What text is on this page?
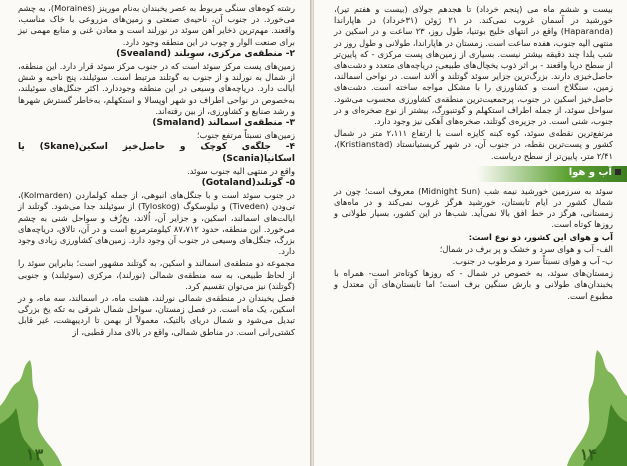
رشته کوه‌های سنگی مربوط به عصر یخبندان به‌نام مورینز (Moraines)، به چشم می‌خورد. در جنوب آن، ناحیه‌ی صنعتی و زمین‌های مزروعی با خاک مناسب، واقعند. مهم‌ترین ذخایر آهن سوئد در نورلند است و معادن غنی و منابع مهمی نیز برای صنعت الوار و چوب در این منطقه وجود دارد.

۲- منطقه‌ی مرکزی، سوِیلند (Svealand)

زمین‌های پست مرکز سوئد است که در جنوب مرکز سوئد قرار دارد. این منطقه، از شمال به نورلند و از جنوب به گوتلند مرتبط است. سوئیلند، پنج ناحیه و شش ایالت دارد. دریاچه‌های وسیعی در این منطقه وجوددارد. اکثر جنگل‌های سوئیلند، به‌خصوص در نواحی اطراف دو شهر اوپسالا و استکهلم، به‌خاطر گسترش شهرها و رشد صنایع و کشاورزی، از بین رفته‌اند.

۳- منطقه‌ی اسمالند (Smaland)

زمین‌های نسبتاً مرتفع جنوب؛

۴- جلگه‌ی کوچک و حاصل‌خیز اسکین(Skane) یا اسکانیا(Scania)

واقع در منتهی الیه جنوب سوئد.

۵- گوتلند(Gotaland)

در جنوب سوئد است و با جنگل‌های انبوهی، از جمله کولماردن (Kolmarden)، تی‌ودن (Tiveden) و تیلوسکوگ (Tyloskog) از سوئیلند جدا می‌شود. گوتلند از ایالت‌های اسمالند، اسکین، و جزایر آن، اُلاند، بخ‌زُف و سواحل شنی به چشم می‌خورد. این منطقه، حدود ۸۷،۷۱۲ کیلومترمربع است و در آن، تالاق، دریاچه‌های بزرگ، جنگل‌های وسیعی در جنوب آن وجود دارد. زمین‌های کشاورزی زیادی وجود دارد.

مجموعه دو منطقه‌ی اسمالند و اسکین، به گوتلند مشهور است؛ بنابراین سوئد را از لحاظ طبیعی، به سه منطقه‌ی شمالی (نورلند)، مرکزی (سوئیلند) و جنوبی (گوتلند) نیز می‌توان تقسیم کرد.

فصل یخبندان در منطقه‌ی شمالی نورلند، هشت ماه، در اسمالند، سه ماه، و در اسکین، یک ماه است. در فصل زمستان، سواحل شمال شرقی به تکه یخ بزرگی تبدیل می‌شود و شمال دریای بالتیک، معمولاً از بهمن تا اردیبهشت، غیر قابل کشتی‌رانی است. در مناطق شمالی، واقع در بالای مدار قطبی، از

۱۳

بیست و ششم ماه می (پنجم خرداد) تا هجدهم جولای (بیست و هفتم تیر)، خورشید در آسمان غروب نمی‌کند. در ۲۱ ژوئن (۳۱خرداد) در هاپاراندا (Haparanda) واقع در انتهای خلیج بوتنیا، طول روز، ۲۳ ساعت و در اسکین در منتهی الیه جنوب، هفده ساعت است. زمستان در هاپاراندا، طولانی و طول روز در شب یلدا چند دقیقه بیشتر نیست. بسیاری از زمین‌های پست مرکزی - که پایین‌تر از سطح دریا واقعند - بر اثر ذوب یخچال‌های طبیعی، دریاچه‌های متعدد و دشت‌های حاصل‌خیزی دارند. بزرگ‌ترین جزایر سوئد گوتلند و اُلاند است. در نواحی اسمالند، زمین، سنگلاخ است و کشاورزی را با مشکل مواجه ساخته است. دشت‌های حاصل‌خیز اسکین در جنوب، پرجمعیت‌ترین منطقه‌ی کشاورزی محسوب می‌شود. سواحل سوئد، از جمله اطراف استکهلم و گوتنبورگ، بیشتر از نوع صخره‌ای و در جنوب، شنی است. در جزیره‌ی گوتلند، صخره‌های آهکی نیز وجود دارد.

مرتفع‌ترین نقطه‌ی سوئد، کوه کبنه کایزه است با ارتفاع ۲،۱۱۱ متر در شمال کشور و پست‌ترین نقطه، در جنوب آن، در شهر کریستیانستاد (Kristianstad)، ۲/۴۱ متر، پایین‌تر از سطح دریاست.

آب و هوا

سوئد به سرزمین خورشید نیمه شب (Midnight Sun) معروف است؛ چون در شمال کشور در ایام تابستان، خورشید هرگز غروب نمی‌کند و در ماه‌های زمستانی، هرگز در خط افق بالا نمی‌آید. شب‌ها در این کشور، بسیار طولانی و روزها کوتاه است.

آب و هوای این کشور، دو نوع است:

الف- آب و هوای سرد و خشک و پر برف در شمال؛

ب- آب و هوای نسبتاً سرد و مرطوب در جنوب.

زمستان‌های سوئد، به خصوص در شمال - که روزها کوتاه‌تر است- همراه با یخبندان‌های طولانی و بارش سنگین برف است؛ اما تابستان‌های آن معتدل و مطبوع است.

۱۴
